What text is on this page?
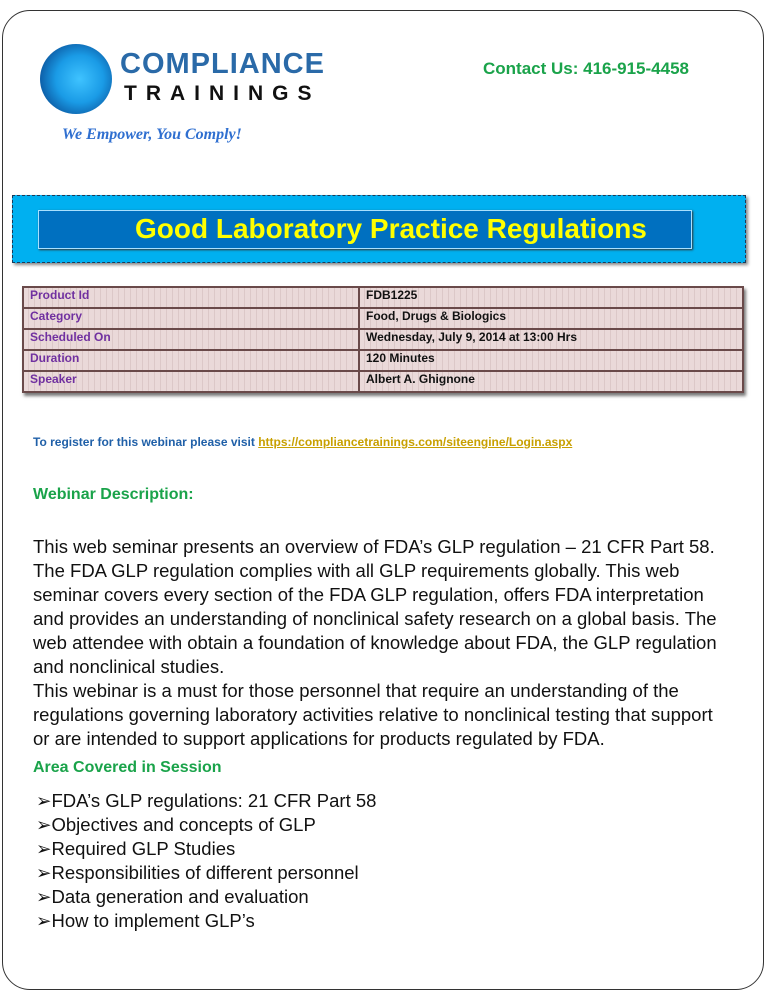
COMPLIANCE
TRAININGS
We Empower, You Comply!
Contact Us: 416-915-4458
Good Laboratory Practice Regulations
Product Id	FDB1225
Category	Food, Drugs & Biologics
Scheduled On	Wednesday, July 9, 2014 at 13:00 Hrs
Duration	120 Minutes
Speaker	Albert A. Ghignone
To register for this webinar please visit https://compliancetrainings.com/siteengine/Login.aspx
Webinar Description:

This web seminar presents an overview of FDA’s GLP regulation – 21 CFR Part 58. The FDA GLP regulation complies with all GLP requirements globally. This web seminar covers every section of the FDA GLP regulation, offers FDA interpretation and provides an understanding of nonclinical safety research on a global basis. The web attendee with obtain a foundation of knowledge about FDA, the GLP regulation and nonclinical studies.

This webinar is a must for those personnel that require an understanding of the regulations governing laboratory activities relative to nonclinical testing that support or are intended to support applications for products regulated by FDA.

Area Covered in Session
➢FDA’s GLP regulations: 21 CFR Part 58
➢Objectives and concepts of GLP
➢Required GLP Studies
➢Responsibilities of different personnel
➢Data generation and evaluation
➢How to implement GLP’s
